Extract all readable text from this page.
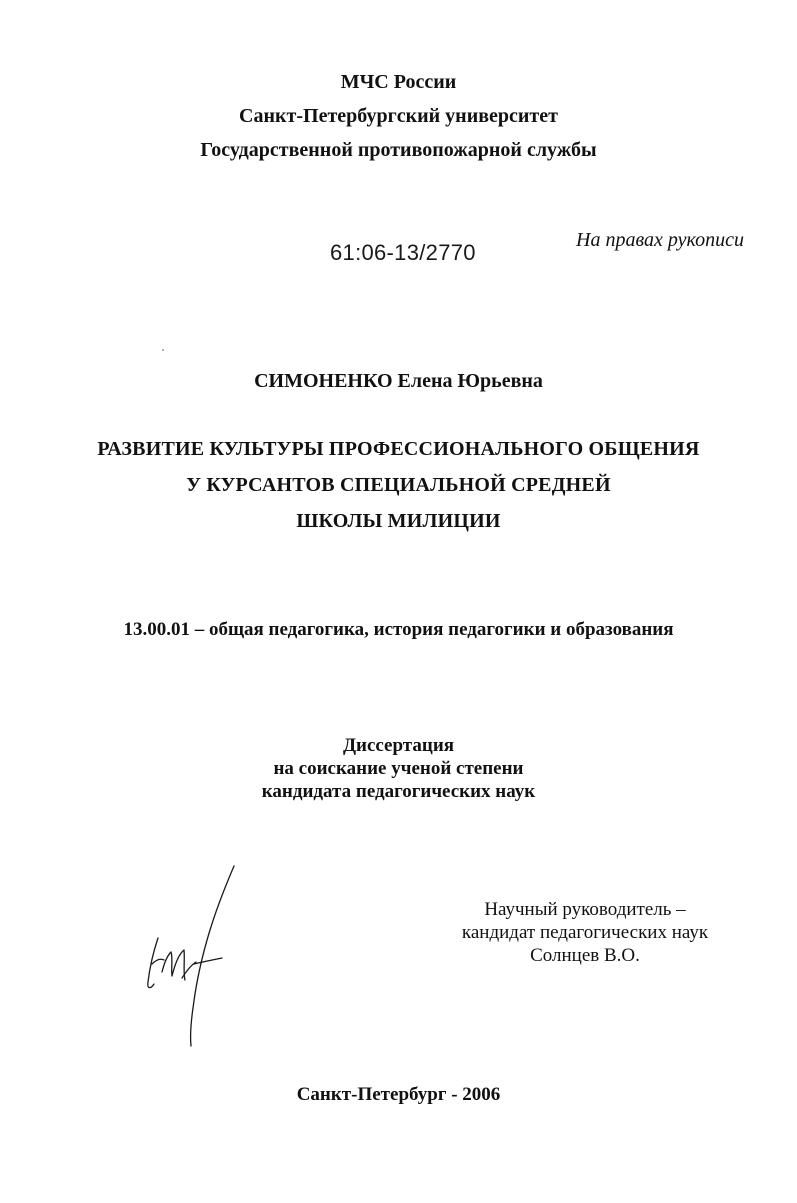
МЧС России
Санкт-Петербургский университет
Государственной противопожарной службы
61:06-13/2770	На правах рукописи
СИМОНЕНКО Елена Юрьевна
РАЗВИТИЕ КУЛЬТУРЫ ПРОФЕССИОНАЛЬНОГО ОБЩЕНИЯ
У КУРСАНТОВ СПЕЦИАЛЬНОЙ СРЕДНЕЙ
ШКОЛЫ МИЛИЦИИ
13.00.01 – общая педагогика, история педагогики и образования
Диссертация
на соискание ученой степени
кандидата педагогических наук
Научный руководитель –
кандидат педагогических наук
Солнцев В.О.
Санкт-Петербург - 2006
